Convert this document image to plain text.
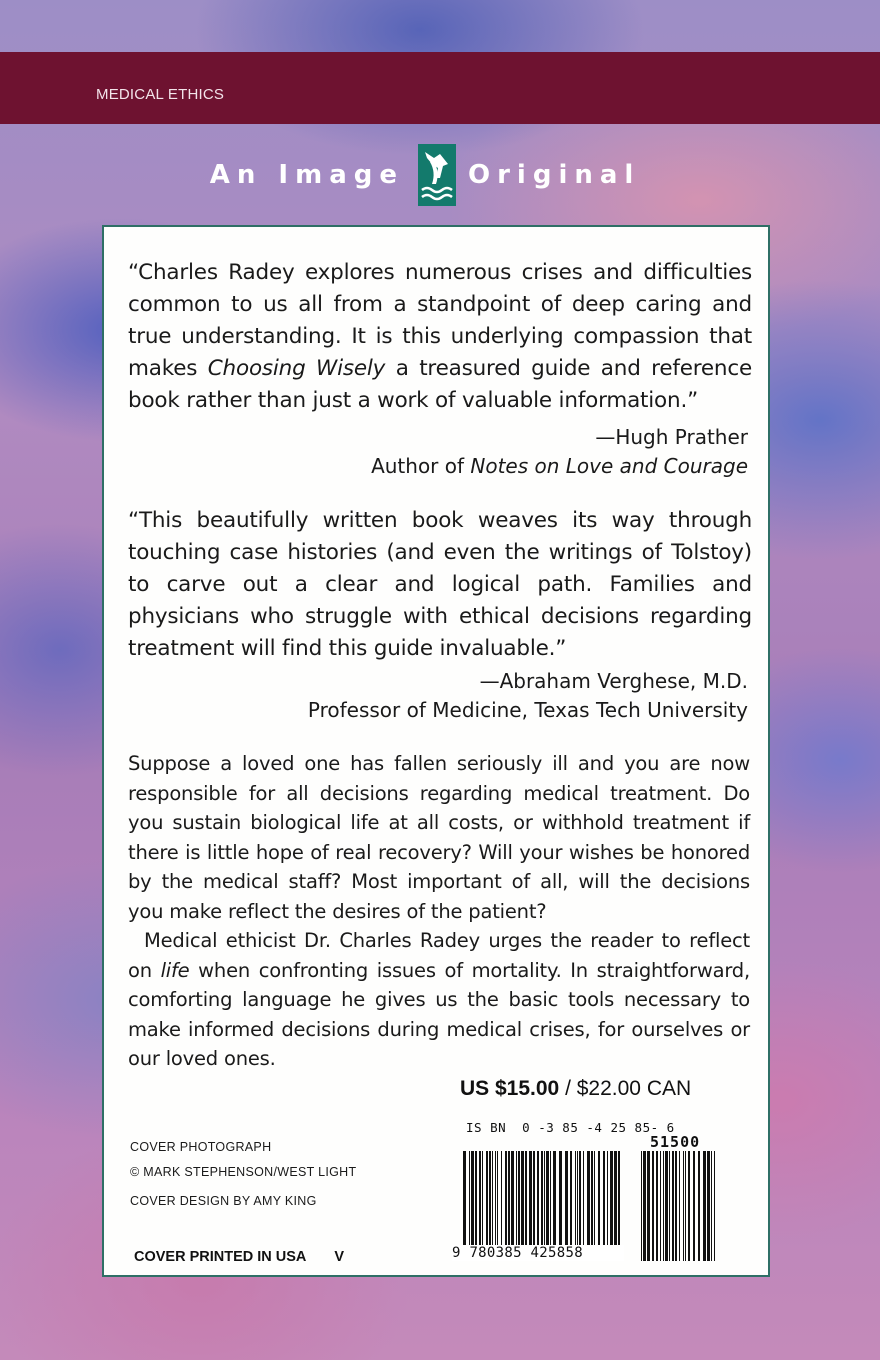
MEDICAL ETHICS
An Image Original
“Charles Radey explores numerous crises and difficulties common to us all from a standpoint of deep caring and true understanding. It is this underlying compassion that makes Choosing Wisely a treasured guide and reference book rather than just a work of valuable information.”
—Hugh Prather
Author of Notes on Love and Courage
“This beautifully written book weaves its way through touching case histories (and even the writings of Tolstoy) to carve out a clear and logical path. Families and physicians who struggle with ethical decisions regarding treatment will find this guide invaluable.”
—Abraham Verghese, M.D.
Professor of Medicine, Texas Tech University

Suppose a loved one has fallen seriously ill and you are now responsible for all decisions regarding medical treatment. Do you sustain biological life at all costs, or withhold treatment if there is little hope of real recovery? Will your wishes be honored by the medical staff? Most important of all, will the decisions you make reflect the desires of the patient?

Medical ethicist Dr. Charles Radey urges the reader to reflect on life when confronting issues of mortality. In straightforward, comforting language he gives us the basic tools necessary to make informed decisions during medical crises, for ourselves or our loved ones.

COVER PHOTOGRAPH
© MARK STEPHENSON/WEST LIGHT
COVER DESIGN BY AMY KING
COVER PRINTED IN USA V
US $15.00 / $22.00 CAN
IS BN  0 -3 85 -4 25 85- 6
51500
9 780385 425858
